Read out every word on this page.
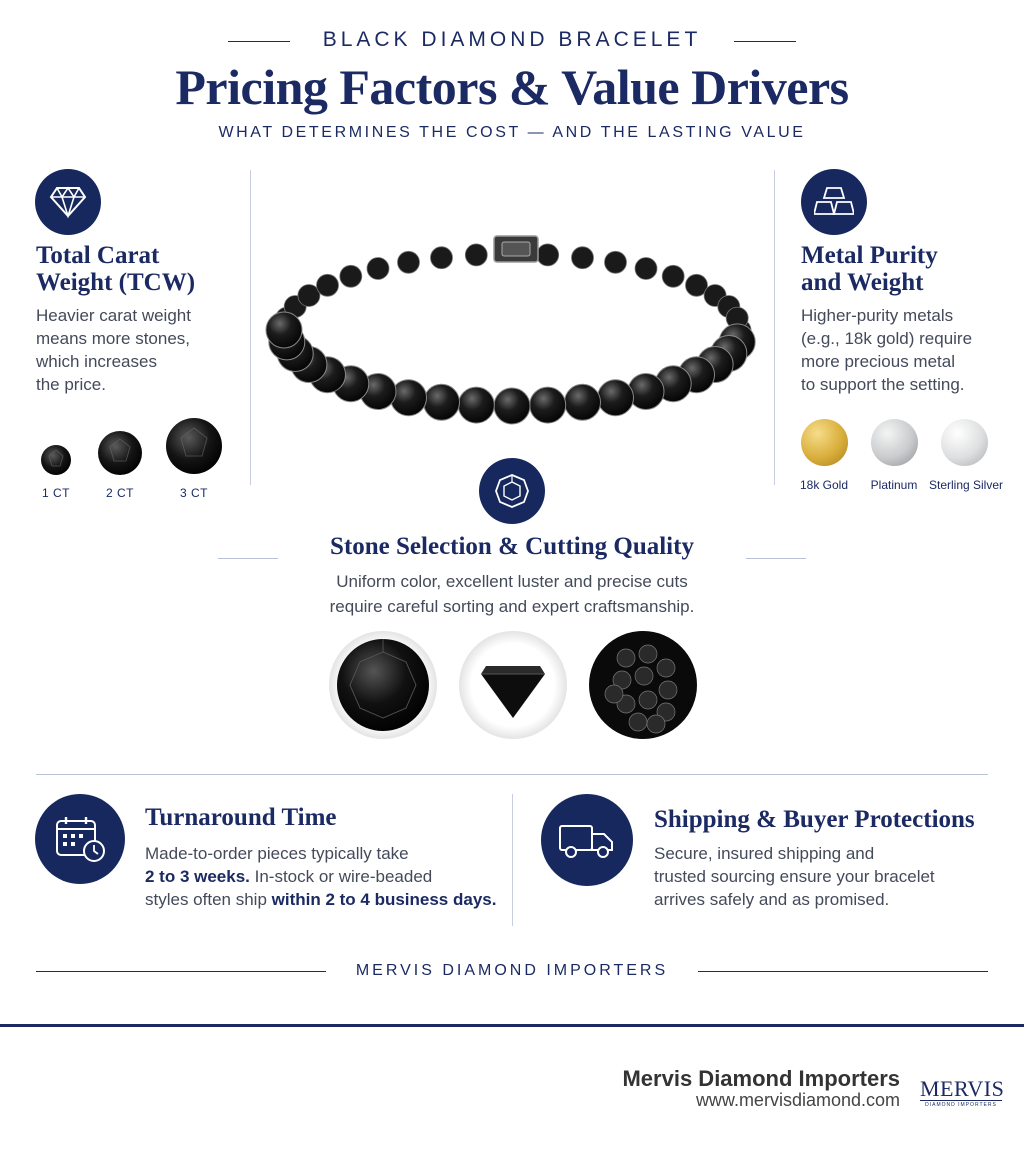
BLACK DIAMOND BRACELET
Pricing Factors & Value Drivers
WHAT DETERMINES THE COST — AND THE LASTING VALUE
Total Carat
Weight (TCW)
Heavier carat weight
means more stones,
which increases
the price.
1 CT	2 CT	3 CT
Metal Purity
and Weight
Higher-purity metals
(e.g., 18k gold) require
more precious metal
to support the setting.
18k Gold	Platinum Sterling Silver
Stone Selection & Cutting Quality
Uniform color, excellent luster and precise cuts
require careful sorting and expert craftsmanship.
Turnaround Time
Made-to-order pieces typically take
2 to 3 weeks. In-stock or wire-beaded
styles often ship within 2 to 4 business days.
Shipping & Buyer Protections
Secure, insured shipping and
trusted sourcing ensure your bracelet
arrives safely and as promised.
MERVIS DIAMOND IMPORTERS
Mervis Diamond Importers
www.mervisdiamond.com MERVIS
DIAMOND IMPORTERS
